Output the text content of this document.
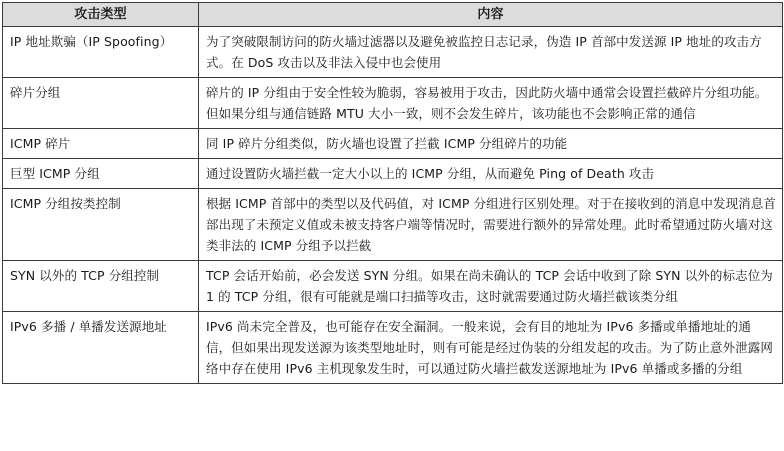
攻击类型	内容
IP 地址欺骗（IP Spoofing）	为了突破限制访问的防火墙过滤器以及避免被监控日志记录，伪造 IP 首部中发送源 IP 地址的攻击方式。在 DoS 攻击以及非法入侵中也会使用
碎片分组	碎片的 IP 分组由于安全性较为脆弱，容易被用于攻击，因此防火墙中通常会设置拦截碎片分组功能。但如果分组与通信链路 MTU 大小一致，则不会发生碎片，该功能也不会影响正常的通信
ICMP 碎片	同 IP 碎片分组类似，防火墙也设置了拦截 ICMP 分组碎片的功能
巨型 ICMP 分组	通过设置防火墙拦截一定大小以上的 ICMP 分组，从而避免 Ping of Death 攻击
ICMP 分组按类控制	根据 ICMP 首部中的类型以及代码值，对 ICMP 分组进行区别处理。对于在接收到的消息中发现消息首部出现了未预定义值或未被支持客户端等情况时，需要进行额外的异常处理。此时希望通过防火墙对这类非法的 ICMP 分组予以拦截
SYN 以外的 TCP 分组控制	TCP 会话开始前，必会发送 SYN 分组。如果在尚未确认的 TCP 会话中收到了除 SYN 以外的标志位为 1 的 TCP 分组，很有可能就是端口扫描等攻击，这时就需要通过防火墙拦截该类分组
IPv6 多播 / 单播发送源地址	IPv6 尚未完全普及，也可能存在安全漏洞。一般来说，会有目的地址为 IPv6 多播或单播地址的通信，但如果出现发送源为该类型地址时，则有可能是经过伪装的分组发起的攻击。为了防止意外泄露网络中存在使用 IPv6 主机现象发生时，可以通过防火墙拦截发送源地址为 IPv6 单播或多播的分组
